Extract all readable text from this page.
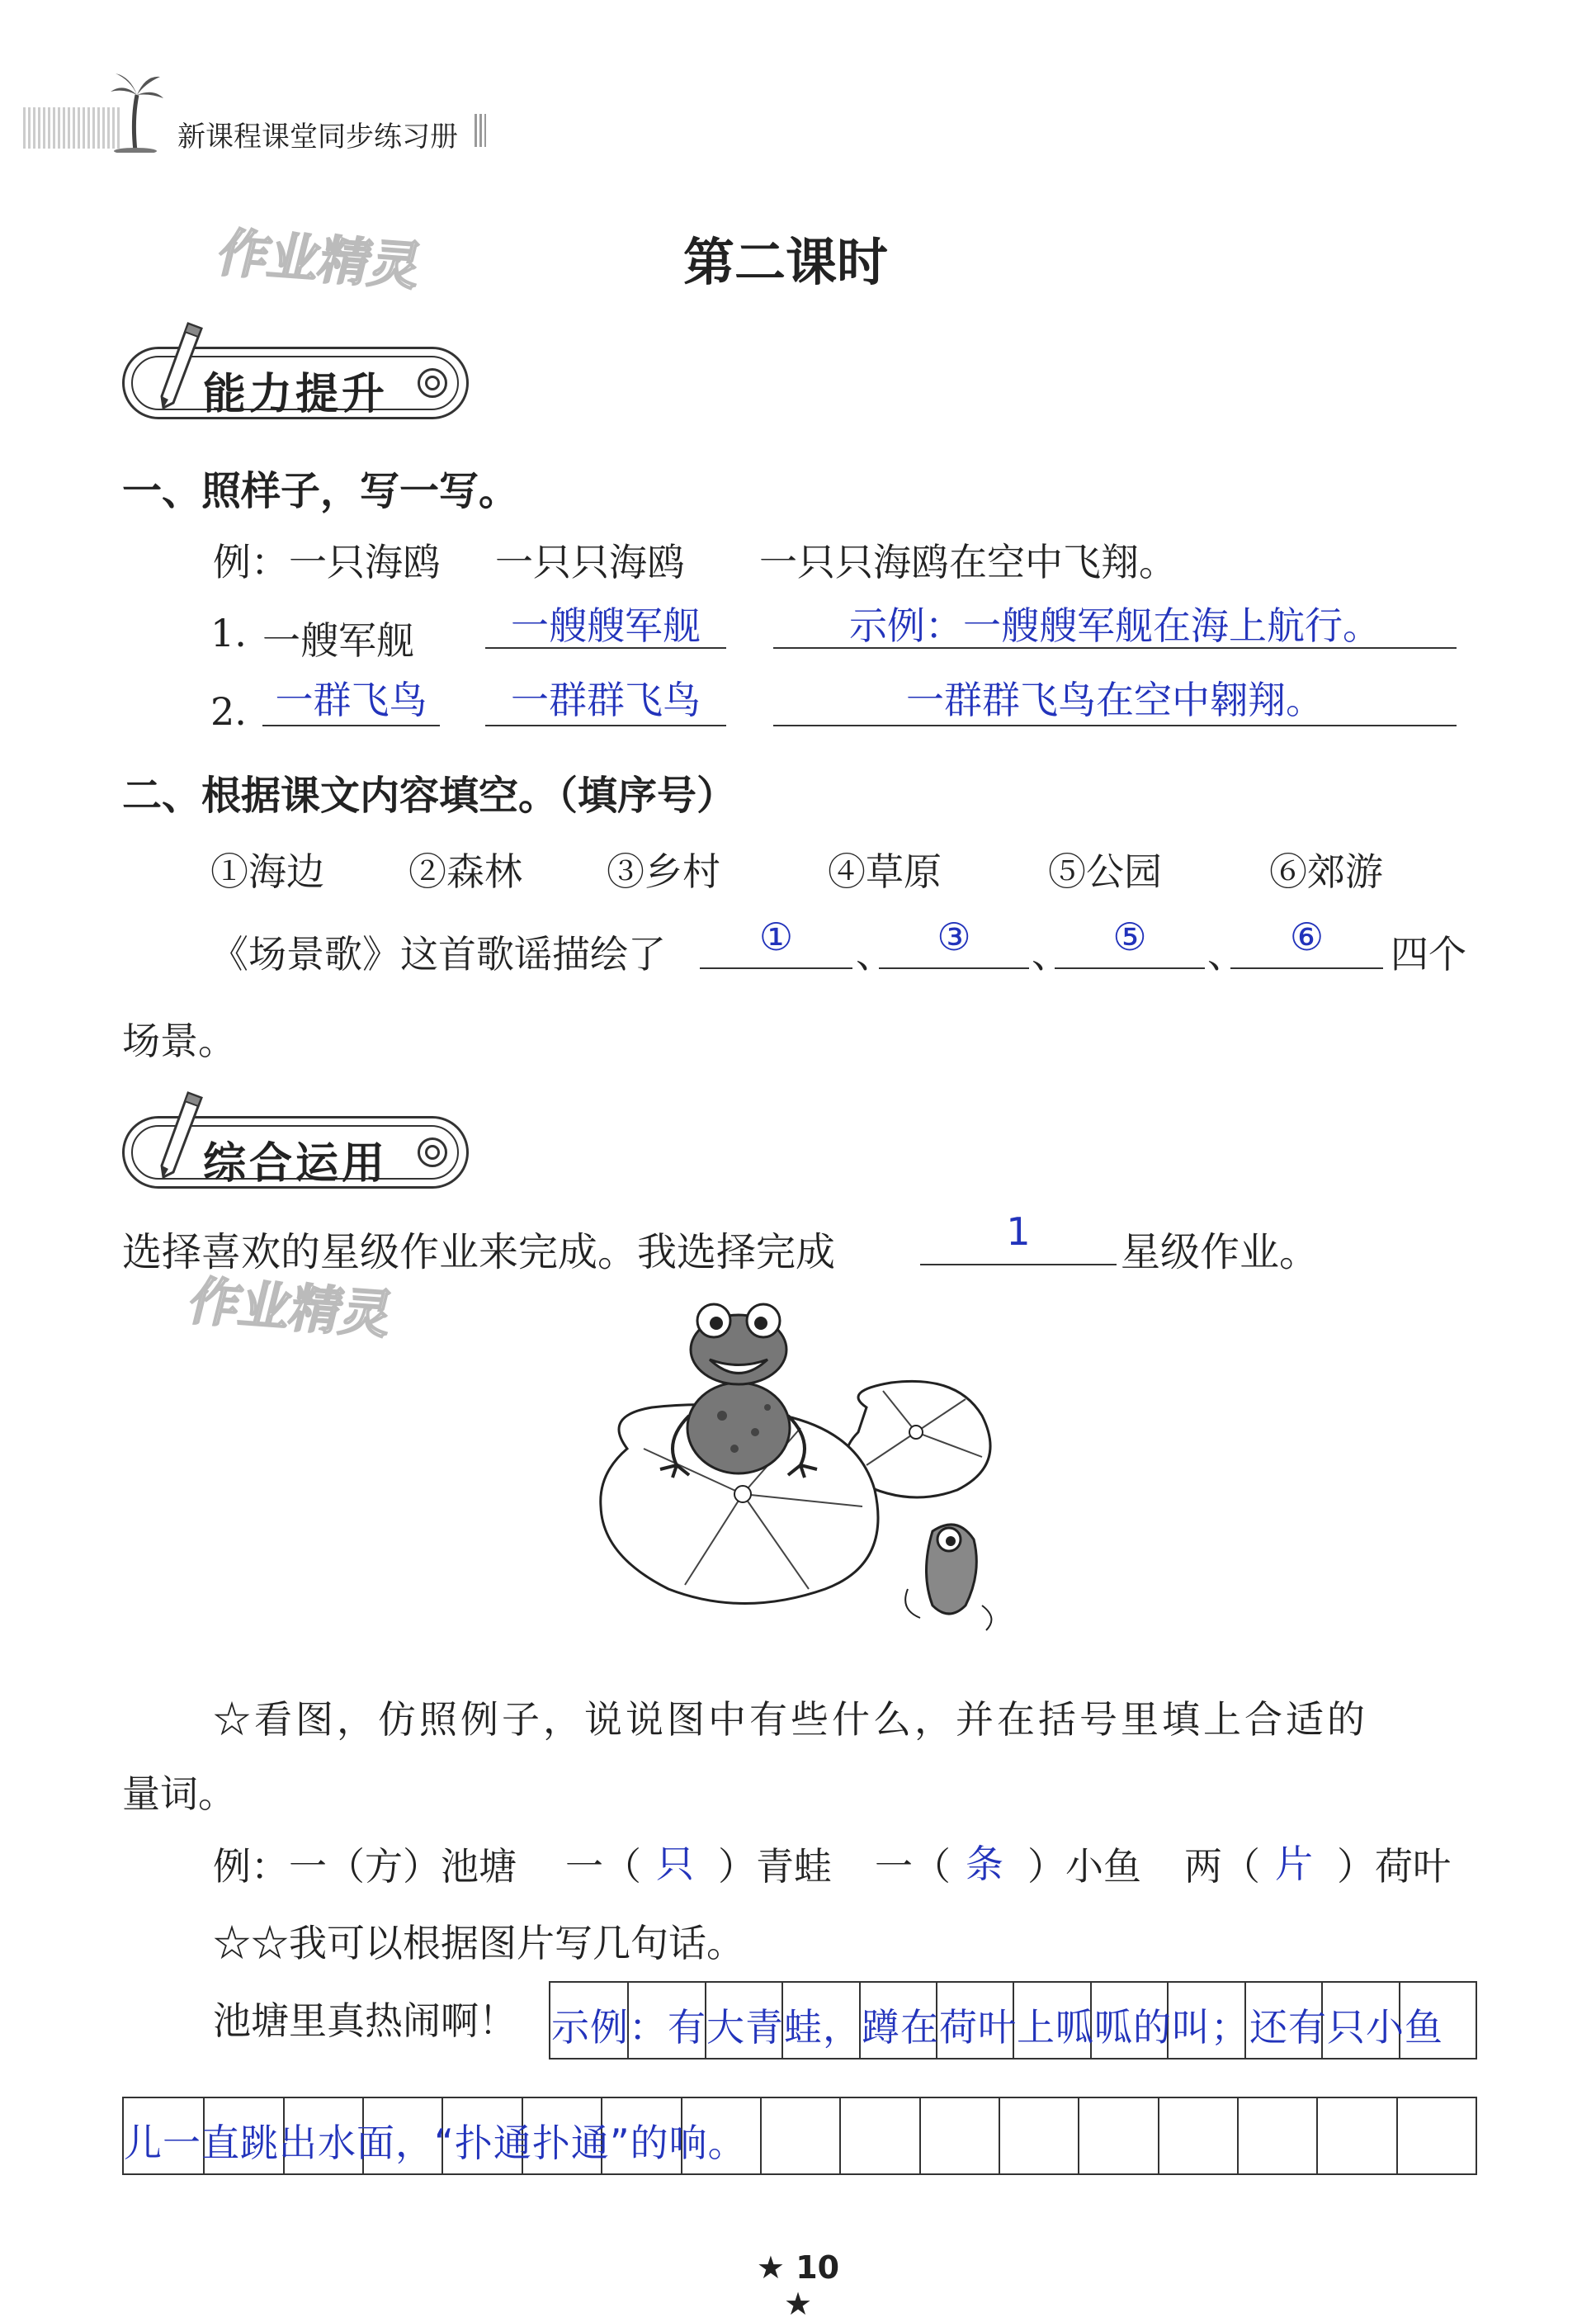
新课程课堂同步练习册
作业精灵
作业精灵
第二课时
能力提升
一、照样子，写一写。
例：一只海鸥 一只只海鸥 一只只海鸥在空中飞翔。
1. 一艘军舰	一艘艘军舰	示例：一艘艘军舰在海上航行。
2. 一群飞鸟	一群群飞鸟	一群群飞鸟在空中翱翔。
二、根据课文内容填空。（填序号）
①海边 ②森林 ③乡村	④草原	⑤公园	⑥郊游
《场景歌》这首歌谣描绘了	①	、	③	、	⑤	、	⑥	四个
场景。
综合运用
选择喜欢的星级作业来完成。我选择完成	1	星级作业。
☆看图，仿照例子，说说图中有些什么，并在括号里填上合适的
量词。
例：一（方）池塘 一（ 只 ）青蛙 一（ 条 ）小鱼 两（ 片 ）荷叶
☆☆我可以根据图片写几句话。
池塘里真热闹啊！ 示例：有大青蛙，蹲在荷叶上呱呱的叫；还有只小鱼
儿一直跳出水面，“扑通扑通”的响。
★ 10 ★
